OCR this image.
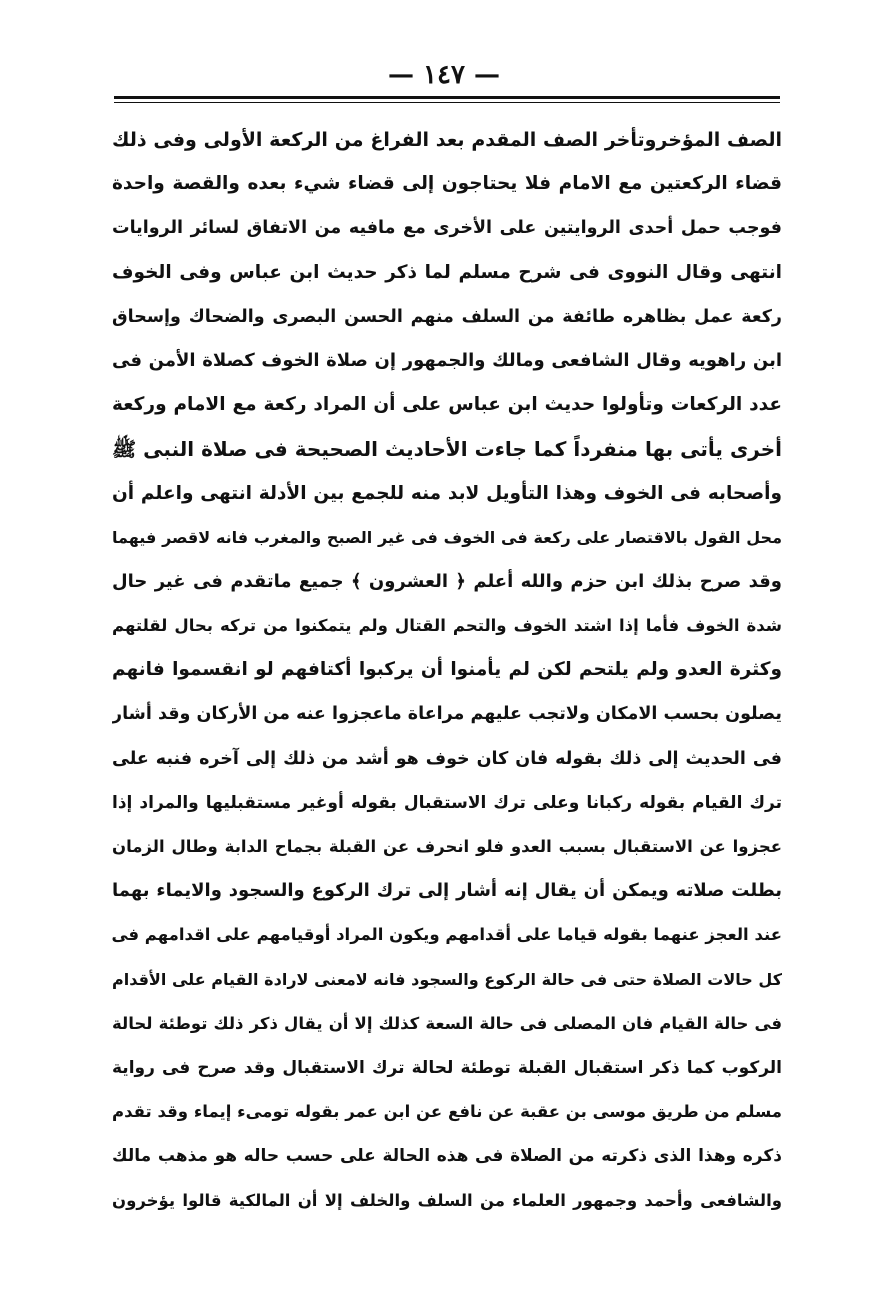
— ١٤٧ —
الصف المؤخروتأخر الصف المقدم بعد الفراغ من الركعة الأولى وفى ذلك
قضاء الركعتين مع الامام فلا يحتاجون إلى قضاء شيء بعده والقصة واحدة
فوجب حمل أحدى الروايتين على الأخرى مع مافيه من الاتفاق لسائر الروايات
انتهى وقال النووى فى شرح مسلم لما ذكر حديث ابن عباس وفى الخوف
ركعة عمل بظاهره طائفة من السلف منهم الحسن البصرى والضحاك وإسحاق
ابن راهويه وقال الشافعى ومالك والجمهور إن صلاة الخوف كصلاة الأمن فى
عدد الركعات وتأولوا حديث ابن عباس على أن المراد ركعة مع الامام وركعة
أخرى يأتى بها منفرداً كما جاءت الأحاديث الصحيحة فى صلاة النبى ﷺ
وأصحابه فى الخوف وهذا التأويل لابد منه للجمع بين الأدلة انتهى واعلم أن
محل القول بالاقتصار على ركعة فى الخوف فى غير الصبح والمغرب فانه لاقصر فيهما
وقد صرح بذلك ابن حزم والله أعلم ﴿ العشرون ﴾ جميع ماتقدم فى غير حال
شدة الخوف فأما إذا اشتد الخوف والتحم القتال ولم يتمكنوا من تركه بحال لقلتهم
وكثرة العدو ولم يلتحم لكن لم يأمنوا أن يركبوا أكتافهم لو انقسموا فانهم
يصلون بحسب الامكان ولاتجب عليهم مراعاة ماعجزوا عنه من الأركان وقد أشار
فى الحديث إلى ذلك بقوله فان كان خوف هو أشد من ذلك إلى آخره فنبه على
ترك القيام بقوله ركبانا وعلى ترك الاستقبال بقوله أوغير مستقبليها والمراد إذا
عجزوا عن الاستقبال بسبب العدو فلو انحرف عن القبلة بجماح الدابة وطال الزمان
بطلت صلاته ويمكن أن يقال إنه أشار إلى ترك الركوع والسجود والايماء بهما
عند العجز عنهما بقوله قياما على أقدامهم ويكون المراد أوقيامهم على اقدامهم فى
كل حالات الصلاة حتى فى حالة الركوع والسجود فانه لامعنى لارادة القيام على الأقدام
فى حالة القيام فان المصلى فى حالة السعة كذلك إلا أن يقال ذكر ذلك توطئة لحالة
الركوب كما ذكر استقبال القبلة توطئة لحالة ترك الاستقبال وقد صرح فى رواية
مسلم من طريق موسى بن عقبة عن نافع عن ابن عمر بقوله تومىء إيماء وقد تقدم
ذكره وهذا الذى ذكرته من الصلاة فى هذه الحالة على حسب حاله هو مذهب مالك
والشافعى وأحمد وجمهور العلماء من السلف والخلف إلا أن المالكية قالوا يؤخرون
